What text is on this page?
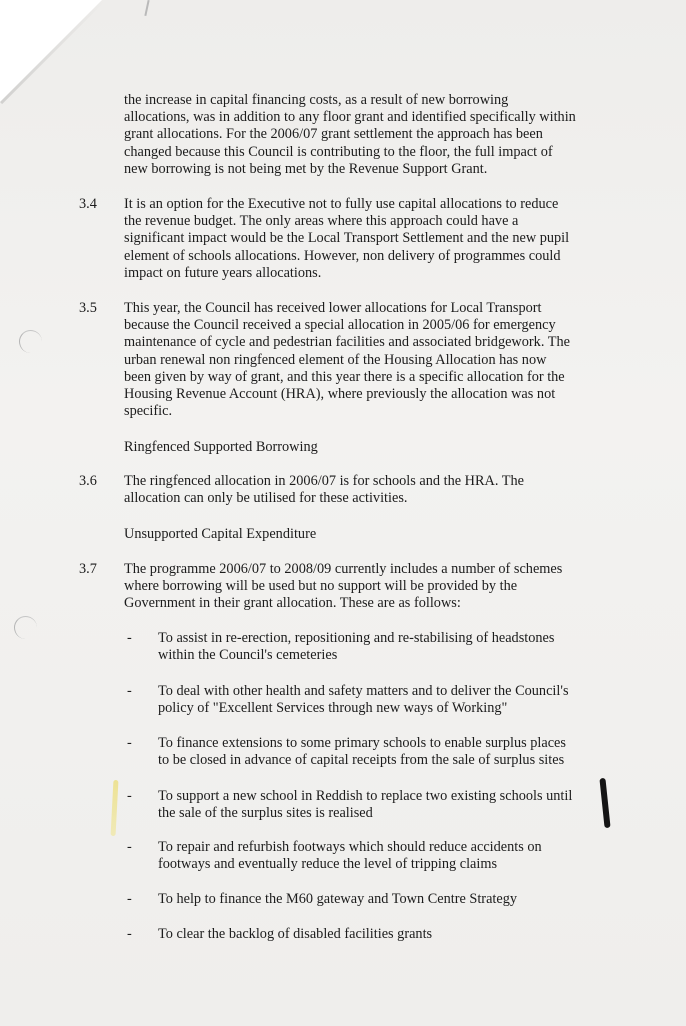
the increase in capital financing costs, as a result of new borrowing
allocations, was in addition to any floor grant and identified specifically within
grant allocations. For the 2006/07 grant settlement the approach has been
changed because this Council is contributing to the floor, the full impact of
new borrowing is not being met by the Revenue Support Grant.
3.4 It is an option for the Executive not to fully use capital allocations to reduce
the revenue budget. The only areas where this approach could have a
significant impact would be the Local Transport Settlement and the new pupil
element of schools allocations. However, non delivery of programmes could
impact on future years allocations.
3.5 This year, the Council has received lower allocations for Local Transport
because the Council received a special allocation in 2005/06 for emergency
maintenance of cycle and pedestrian facilities and associated bridgework. The
urban renewal non ringfenced element of the Housing Allocation has now
been given by way of grant, and this year there is a specific allocation for the
Housing Revenue Account (HRA), where previously the allocation was not
specific.
Ringfenced Supported Borrowing
3.6 The ringfenced allocation in 2006/07 is for schools and the HRA. The
allocation can only be utilised for these activities.
Unsupported Capital Expenditure
3.7 The programme 2006/07 to 2008/09 currently includes a number of schemes
where borrowing will be used but no support will be provided by the
Government in their grant allocation. These are as follows:
- To assist in re-erection, repositioning and re-stabilising of headstones
within the Council's cemeteries
- To deal with other health and safety matters and to deliver the Council's
policy of "Excellent Services through new ways of Working"
- To finance extensions to some primary schools to enable surplus places
to be closed in advance of capital receipts from the sale of surplus sites
- To support a new school in Reddish to replace two existing schools until
the sale of the surplus sites is realised
- To repair and refurbish footways which should reduce accidents on
footways and eventually reduce the level of tripping claims
- To help to finance the M60 gateway and Town Centre Strategy
- To clear the backlog of disabled facilities grants
